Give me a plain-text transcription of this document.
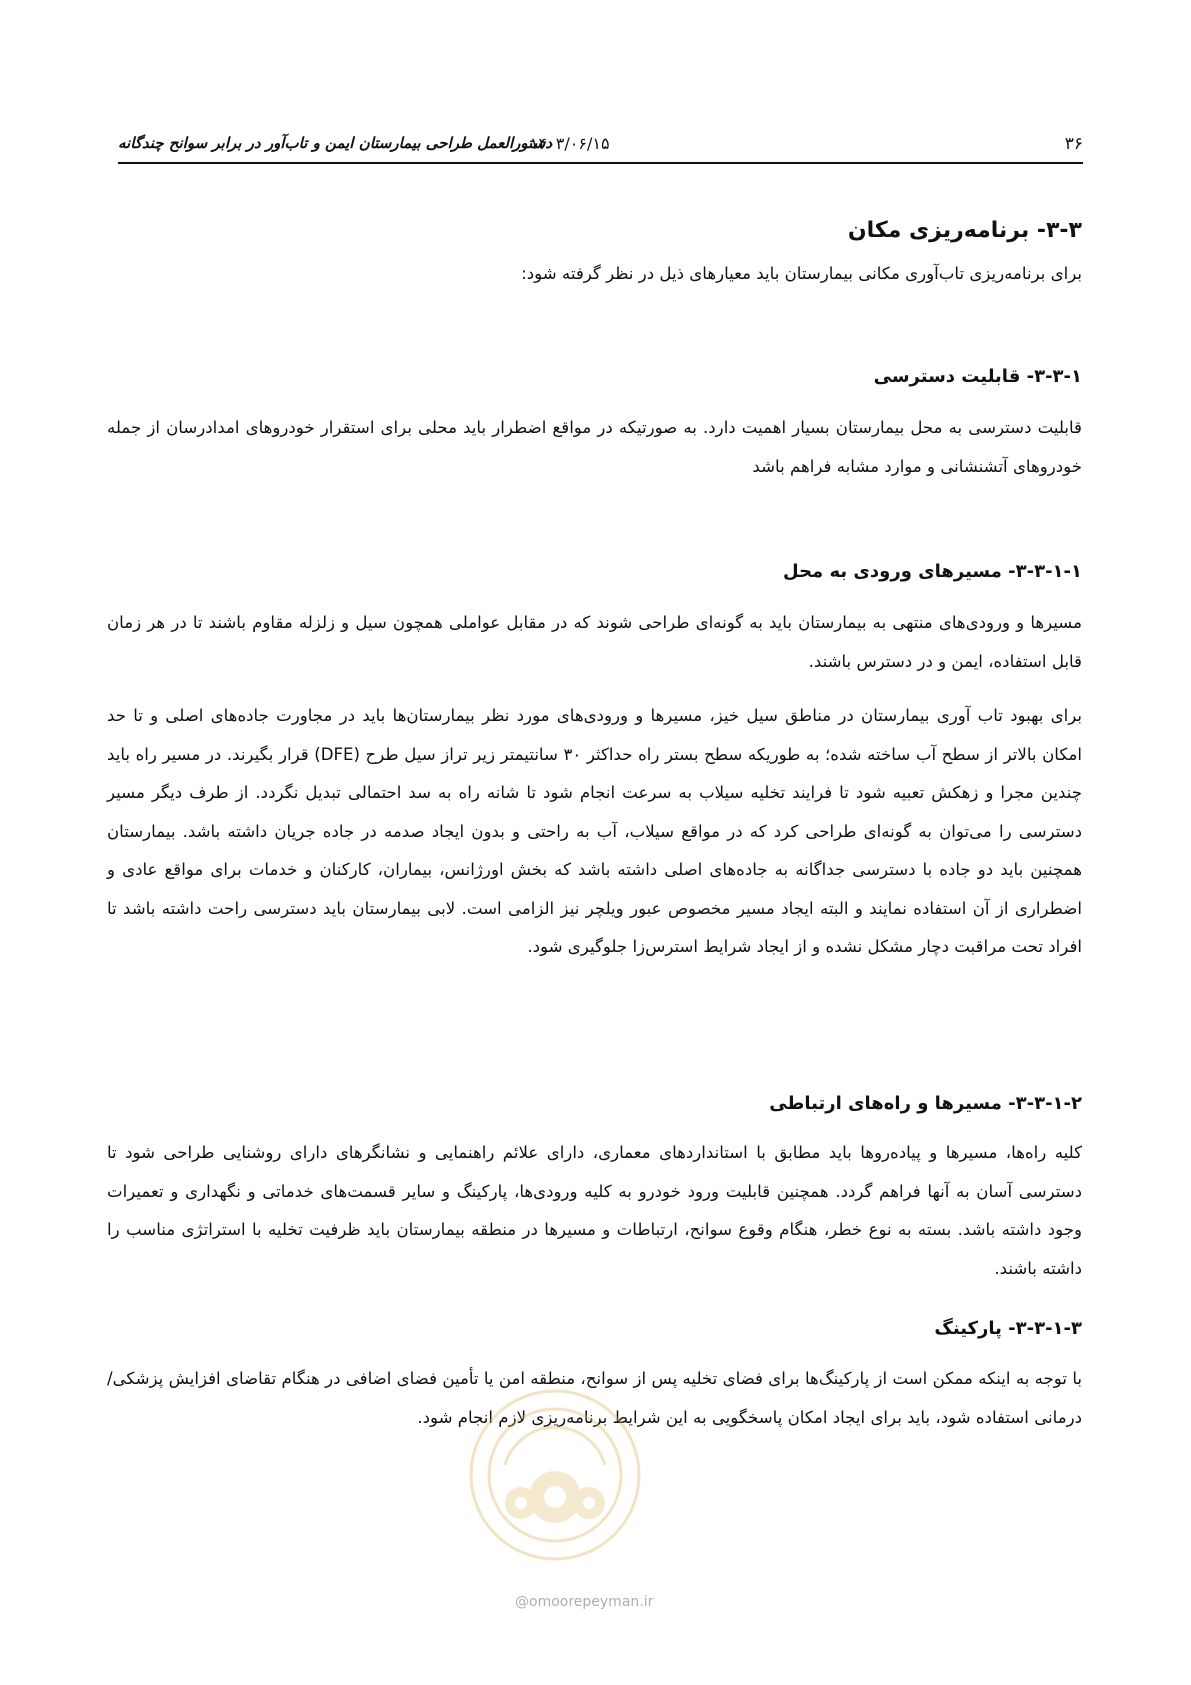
۳۶
۱۴۰۳/۰۶/۱۵
دستورالعمل طراحی بیمارستان ایمن و تاب‌آور در برابر سوانح چندگانه
۳-۳- برنامه‌ریزی مکان
برای برنامه‌ریزی تاب‌آوری مکانی بیمارستان باید معیارهای ذیل در نظر گرفته شود:
۳-۳-۱- قابلیت دسترسی
قابلیت دسترسی به محل بیمارستان بسیار اهمیت دارد. به صورتیکه در مواقع اضطرار باید محلی برای استقرار خودروهای امدادرسان از جمله خودروهای آتشنشانی و موارد مشابه فراهم باشد
۳-۳-۱-۱- مسیرهای ورودی به محل
مسیرها و ورودی‌های منتهی به بیمارستان باید به گونه‌ای طراحی شوند که در مقابل عواملی همچون سیل و زلزله مقاوم باشند تا در هر زمان قابل استفاده، ایمن و در دسترس باشند.
برای بهبود تاب آوری بیمارستان در مناطق سیل خیز، مسیرها و ورودی‌های مورد نظر بیمارستان‌ها باید در مجاورت جاده‌های اصلی و تا حد امکان بالاتر از سطح آب ساخته شده؛ به طوریکه سطح بستر راه حداکثر ۳۰ سانتیمتر زیر تراز سیل طرح (DFE) قرار بگیرند. در مسیر راه باید چندین مجرا و زهکش تعبیه شود تا فرایند تخلیه سیلاب به سرعت انجام شود تا شانه راه به سد احتمالی تبدیل نگردد. از طرف دیگر مسیر دسترسی را می‌توان به گونه‌ای طراحی کرد که در مواقع سیلاب، آب به راحتی و بدون ایجاد صدمه در جاده جریان داشته باشد. بیمارستان همچنین باید دو جاده با دسترسی جداگانه به جاده‌های اصلی داشته باشد که بخش اورژانس، بیماران، کارکنان و خدمات برای مواقع عادی و اضطراری از آن استفاده نمایند و البته ایجاد مسیر مخصوص عبور ویلچر نیز الزامی است. لابی بیمارستان باید دسترسی راحت داشته باشد تا افراد تحت مراقبت دچار مشکل نشده و از ایجاد شرایط استرس‌زا جلوگیری شود.
۳-۳-۱-۲- مسیرها و راه‌های ارتباطی
کلیه راه‌ها، مسیرها و پیاده‌روها باید مطابق با استانداردهای معماری، دارای علائم راهنمایی و نشانگرهای دارای روشنایی طراحی شود تا دسترسی آسان به آنها فراهم گردد. همچنین قابلیت ورود خودرو به کلیه ورودی‌ها، پارکینگ و سایر قسمت‌های خدماتی و نگهداری و تعمیرات وجود داشته باشد. بسته به نوع خطر، هنگام وقوع سوانح، ارتباطات و مسیرها در منطقه بیمارستان باید ظرفیت تخلیه با استراتژی مناسب را داشته باشند.
۳-۳-۱-۳- پارکینگ
با توجه به اینکه ممکن است از پارکینگ‌ها برای فضای تخلیه پس از سوانح، منطقه امن یا تأمین فضای اضافی در هنگام تقاضای افزایش پزشکی/درمانی استفاده شود، باید برای ایجاد امکان پاسخگویی به این شرایط برنامه‌ریزی لازم انجام شود.
@omoorepeyman.ir
